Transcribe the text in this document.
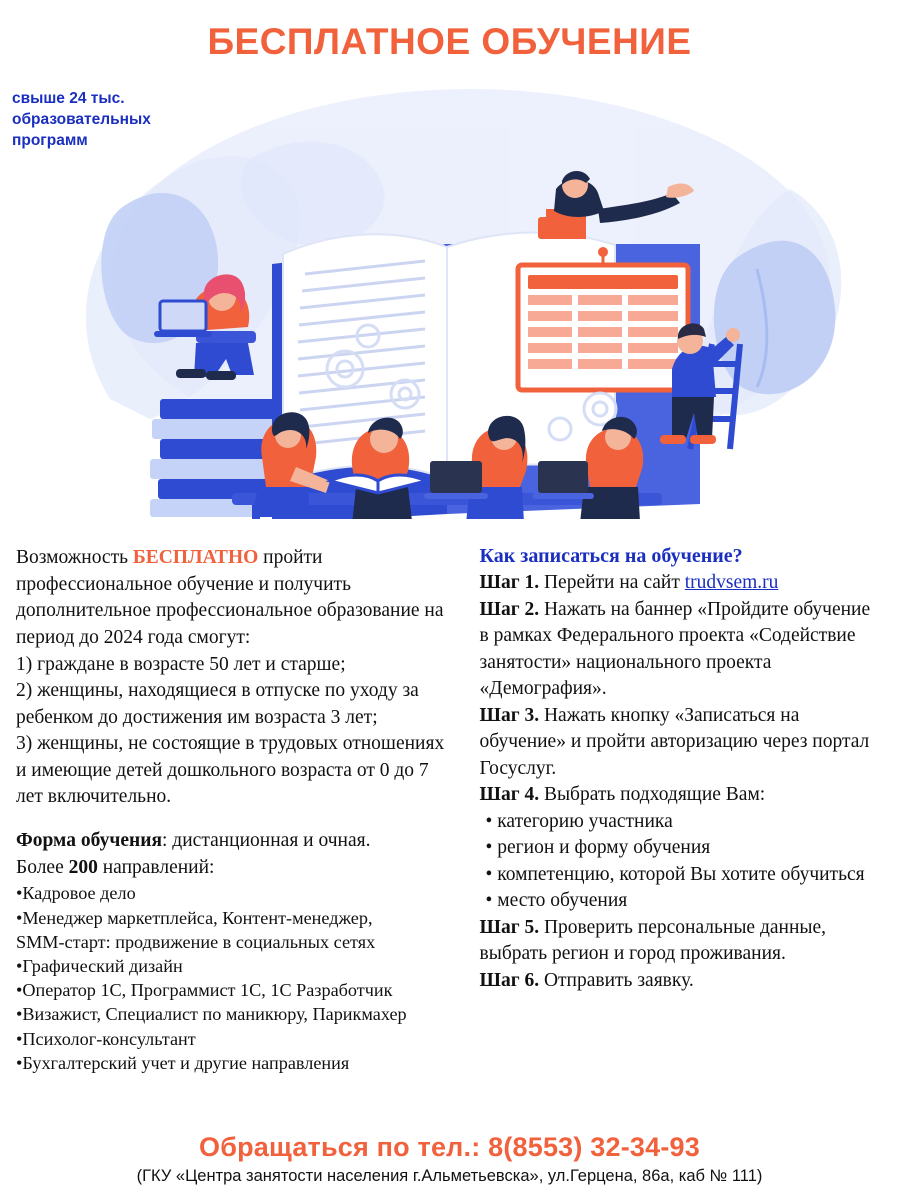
БЕСПЛАТНОЕ ОБУЧЕНИЕ
свыше 24 тыс. образовательных программ

Возможность БЕСПЛАТНО пройти профессиональное обучение и получить дополнительное профессиональное образование на период до 2024 года смогут:

1) граждане в возрасте 50 лет и старше;

2) женщины, находящиеся в отпуске по уходу за ребенком до достижения им возраста 3 лет;

3) женщины, не состоящие в трудовых отношениях и имеющие детей дошкольного возраста от 0 до 7 лет включительно.

Форма обучения: дистанционная и очная.

Более 200 направлений:

•Кадровое дело

•Менеджер маркетплейса, Контент-менеджер,

SMM-старт: продвижение в социальных сетях

•Графический дизайн

•Оператор 1С, Программист 1С, 1С Разработчик

•Визажист, Специалист по маникюру, Парикмахер

•Психолог-консультант

•Бухгалтерский учет и другие направления

Как записаться на обучение?

Шаг 1. Перейти на сайт trudvsem.ru

Шаг 2. Нажать на баннер «Пройдите обучение в рамках Федерального проекта «Содействие занятости» национального проекта «Демография».

Шаг 3. Нажать кнопку «Записаться на обучение» и пройти авторизацию через портал Госуслуг.

Шаг 4. Выбрать подходящие Вам:

• категорию участника

• регион и форму обучения

• компетенцию, которой Вы хотите обучиться

• место обучения

Шаг 5. Проверить персональные данные, выбрать регион и город проживания.

Шаг 6. Отправить заявку.

Обращаться по тел.: 8(8553) 32-34-93
(ГКУ «Центра занятости населения г.Альметьевска», ул.Герцена, 86а, каб № 111)
